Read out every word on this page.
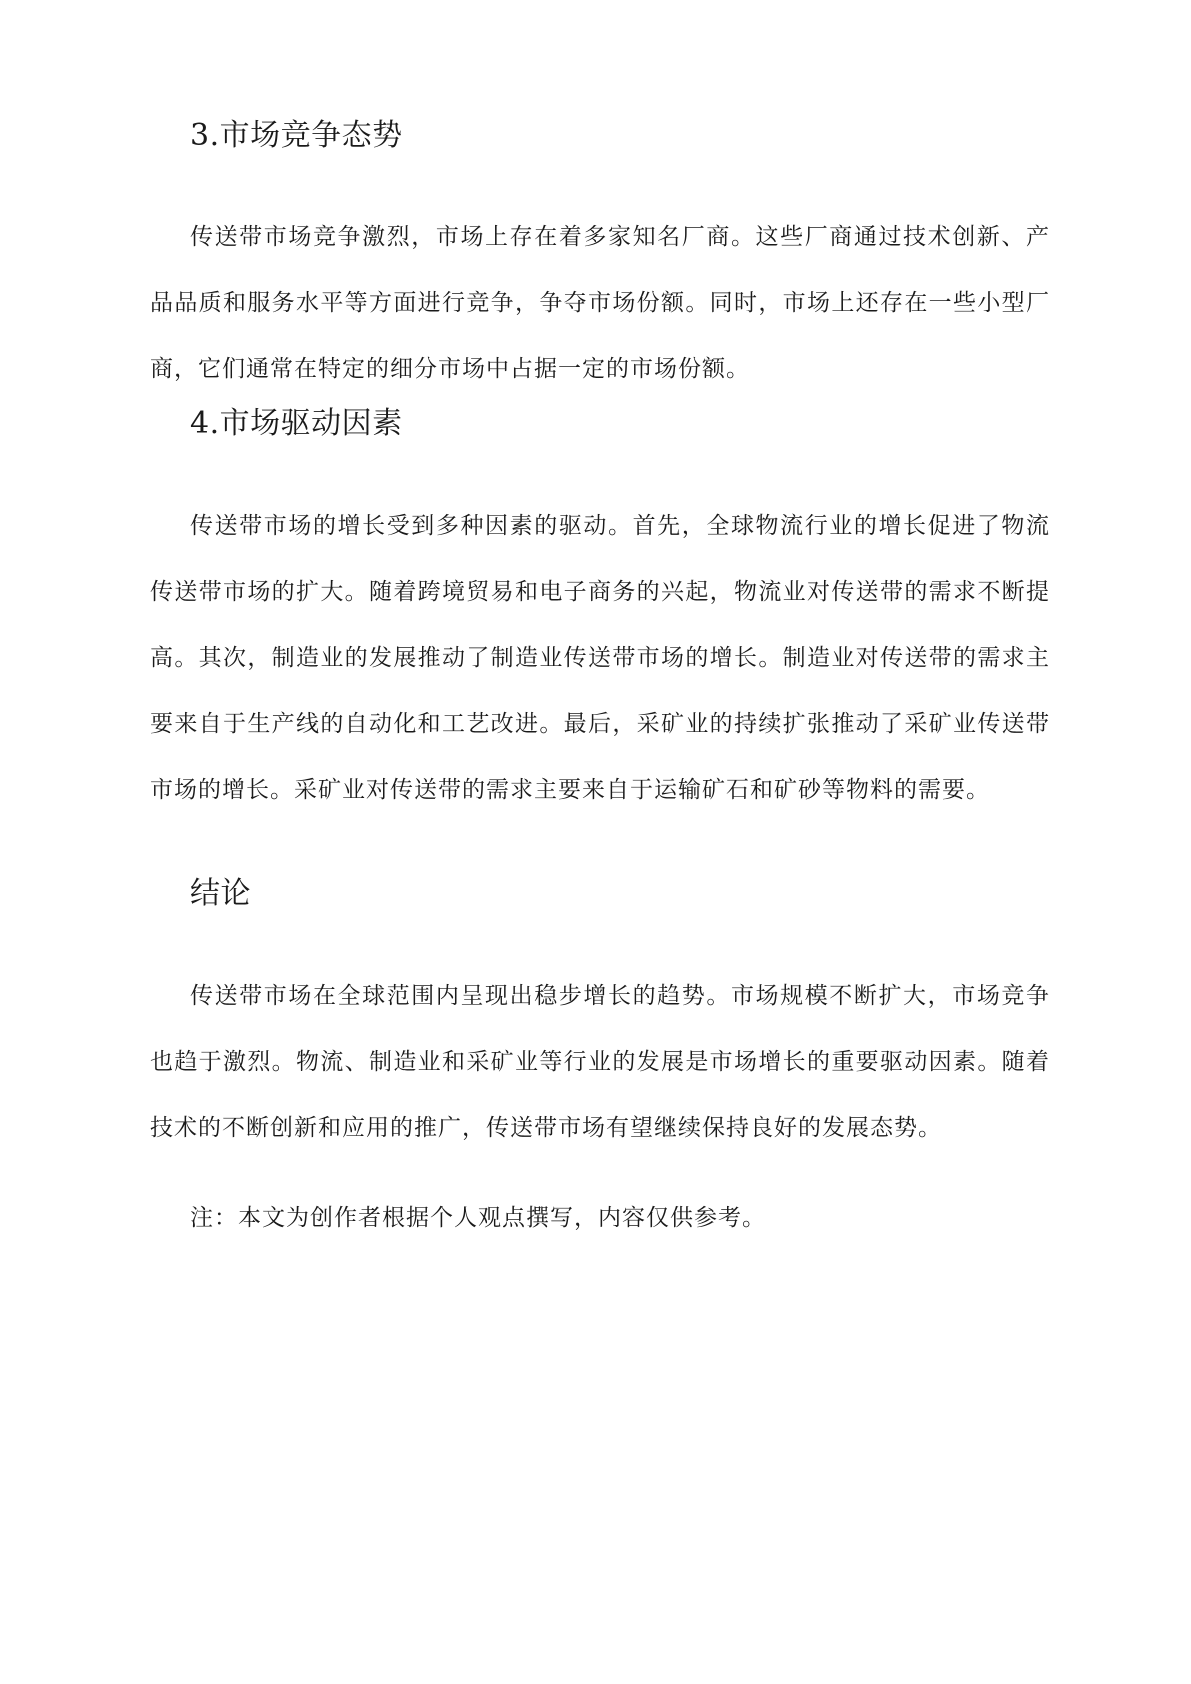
3.市场竞争态势

传送带市场竞争激烈，市场上存在着多家知名厂商。这些厂商通过技术创新、产品品质和服务水平等方面进行竞争，争夺市场份额。同时，市场上还存在一些小型厂商，它们通常在特定的细分市场中占据一定的市场份额。

4.市场驱动因素

传送带市场的增长受到多种因素的驱动。首先，全球物流行业的增长促进了物流传送带市场的扩大。随着跨境贸易和电子商务的兴起，物流业对传送带的需求不断提高。其次，制造业的发展推动了制造业传送带市场的增长。制造业对传送带的需求主要来自于生产线的自动化和工艺改进。最后，采矿业的持续扩张推动了采矿业传送带市场的增长。采矿业对传送带的需求主要来自于运输矿石和矿砂等物料的需要。

结论

传送带市场在全球范围内呈现出稳步增长的趋势。市场规模不断扩大，市场竞争也趋于激烈。物流、制造业和采矿业等行业的发展是市场增长的重要驱动因素。随着技术的不断创新和应用的推广，传送带市场有望继续保持良好的发展态势。

注：本文为创作者根据个人观点撰写，内容仅供参考。
